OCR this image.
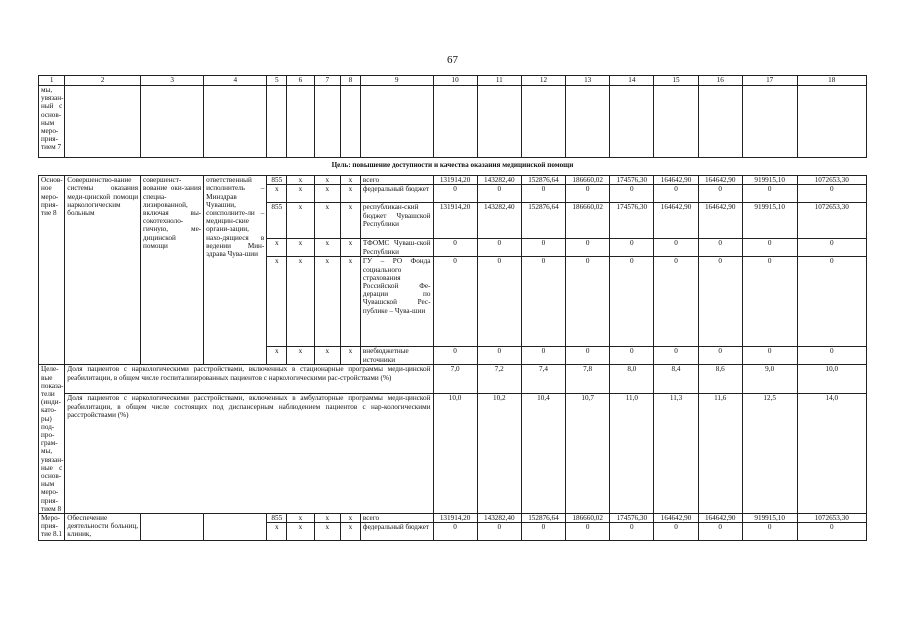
67
1	2	3	4	5	6	7	8	9	10	11	12	13	14	15	16	17	18
мы, увязан-ный с основ-ным меро-прия-тием 7																	
Цель: повышение доступности и качества оказания медицинской помощи																	
Основ-ное меро-прия-тие 8	Совершенство-вание системы оказания меди-цинской помощи наркологическим больным	совершенст-вование оки-зания специа-лизированной, включая вы-сокотехноло-гичную, ме-дицинской помощи	ответственный исполнитель – Минздрав Чувашии, соисполните-ли – медицин-ские органи-зации, нахо-дящиеся в ведении Мин-здрава Чува-шии	855	х	х	х	всего	131914,20	143282,40	152876,64	186660,02	174576,30	164642,90	164642,90	919915,10	1072653,30
				х	х	х	х	федеральный бюджет	0	0	0	0	0	0	0	0	0
				855	х	х	х	республикан-ский бюджет Чувашской Республики	131914,20	143282,40	152876,64	186660,02	174576,30	164642,90	164642,90	919915,10	1072653,30
				х	х	х	х	ТФОМС Чуваш-ской Республики	0	0	0	0	0	0	0	0	0
				х	х	х	х	ГУ – РО Фонда социального страхования Российской Фе-дерации по Чувашской Рес-публике – Чува-шии	0	0	0	0	0	0	0	0	0
				х	х	х	х	внебюджетные источники	0	0	0	0	0	0	0	0	0
Целе-вые показа-тели (инди-като-ры) под-про-грам-мы, увязан-ные с основ-ным меро-прия-тием 8	Доля пациентов с наркологическими расстройствами, включенных в стационарные программы меди-цинской реабилитации, в общем числе госпитализированных пациентов с наркологическими рас-стройствами (%)								7,0	7,2	7,4	7,8	8,0	8,4	8,6	9,0	10,0
	Доля пациентов с наркологическими расстройствами, включенных в амбулаторные программы меди-цинской реабилитации, в общем числе состоящих под диспансерным наблюдением пациентов с нар-кологическими расстройствами (%)								10,0	10,2	10,4	10,7	11,0	11,3	11,6	12,5	14,0
Меро-прия-тие 8.1	Обеспечение деятельности больниц, клиник,			855	х	х	х	всего	131914,20	143282,40	152876,64	186660,02	174576,30	164642,90	164642,90	919915,10	1072653,30
				х	х	х	х	федеральный бюджет	0	0	0	0	0	0	0	0	0
